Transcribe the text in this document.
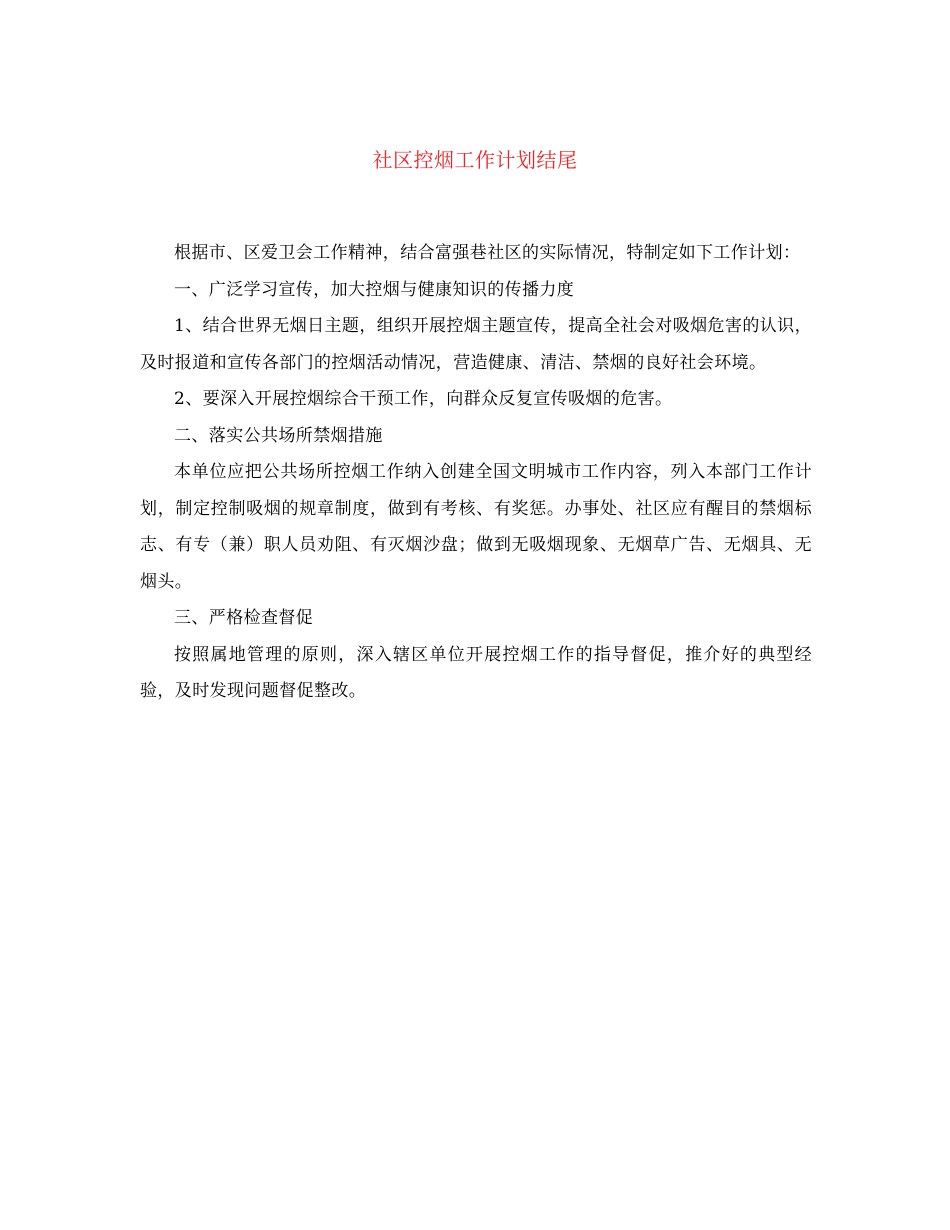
社区控烟工作计划结尾

根据市、区爱卫会工作精神，结合富强巷社区的实际情况，特制定如下工作计划：

一、广泛学习宣传，加大控烟与健康知识的传播力度

1、结合世界无烟日主题，组织开展控烟主题宣传，提高全社会对吸烟危害的认识，及时报道和宣传各部门的控烟活动情况，营造健康、清洁、禁烟的良好社会环境。

2、要深入开展控烟综合干预工作，向群众反复宣传吸烟的危害。

二、落实公共场所禁烟措施

本单位应把公共场所控烟工作纳入创建全国文明城市工作内容，列入本部门工作计划，制定控制吸烟的规章制度，做到有考核、有奖惩。办事处、社区应有醒目的禁烟标志、有专（兼）职人员劝阻、有灭烟沙盘；做到无吸烟现象、无烟草广告、无烟具、无烟头。

三、严格检查督促

按照属地管理的原则，深入辖区单位开展控烟工作的指导督促，推介好的典型经验，及时发现问题督促整改。
